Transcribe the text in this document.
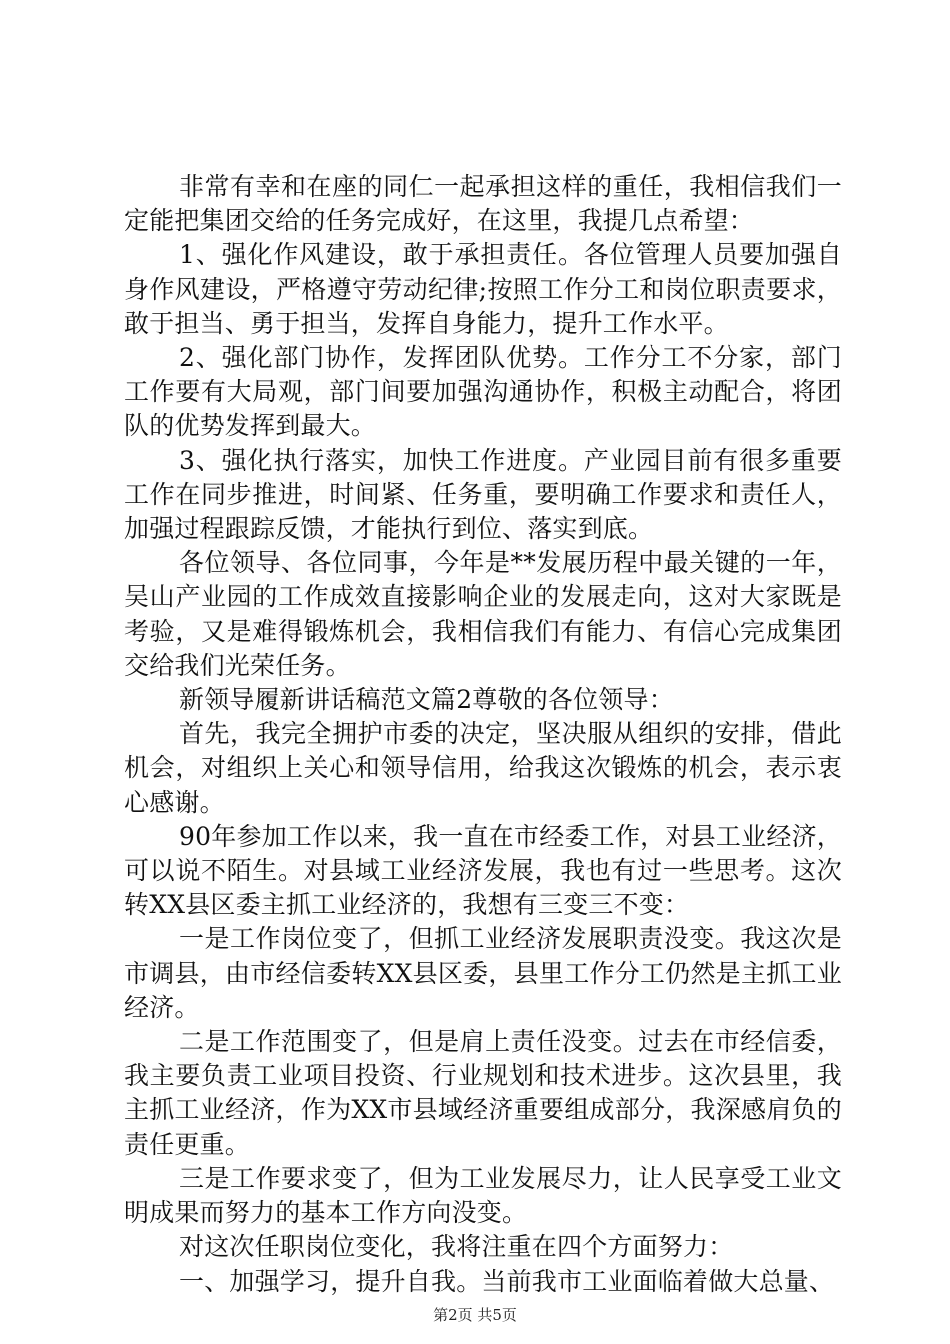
非常有幸和在座的同仁一起承担这样的重任，我相信我们一定能把集团交给的任务完成好，在这里，我提几点希望：

1、强化作风建设，敢于承担责任。各位管理人员要加强自身作风建设，严格遵守劳动纪律;按照工作分工和岗位职责要求，敢于担当、勇于担当，发挥自身能力，提升工作水平。

2、强化部门协作，发挥团队优势。工作分工不分家，部门工作要有大局观，部门间要加强沟通协作，积极主动配合，将团队的优势发挥到最大。

3、强化执行落实，加快工作进度。产业园目前有很多重要工作在同步推进，时间紧、任务重，要明确工作要求和责任人，加强过程跟踪反馈，才能执行到位、落实到底。

各位领导、各位同事，今年是**发展历程中最关键的一年，吴山产业园的工作成效直接影响企业的发展走向，这对大家既是考验，又是难得锻炼机会，我相信我们有能力、有信心完成集团交给我们光荣任务。

新领导履新讲话稿范文篇2尊敬的各位领导：

首先，我完全拥护市委的决定，坚决服从组织的安排，借此机会，对组织上关心和领导信用，给我这次锻炼的机会，表示衷心感谢。

90年参加工作以来，我一直在市经委工作，对县工业经济，可以说不陌生。对县域工业经济发展，我也有过一些思考。这次转XX县区委主抓工业经济的，我想有三变三不变：

一是工作岗位变了，但抓工业经济发展职责没变。我这次是市调县，由市经信委转XX县区委，县里工作分工仍然是主抓工业经济。

二是工作范围变了，但是肩上责任没变。过去在市经信委，我主要负责工业项目投资、行业规划和技术进步。这次县里，我主抓工业经济，作为XX市县域经济重要组成部分，我深感肩负的责任更重。

三是工作要求变了，但为工业发展尽力，让人民享受工业文明成果而努力的基本工作方向没变。

对这次任职岗位变化，我将注重在四个方面努力：

一、加强学习，提升自我。当前我市工业面临着做大总量、

第2页 共5页
